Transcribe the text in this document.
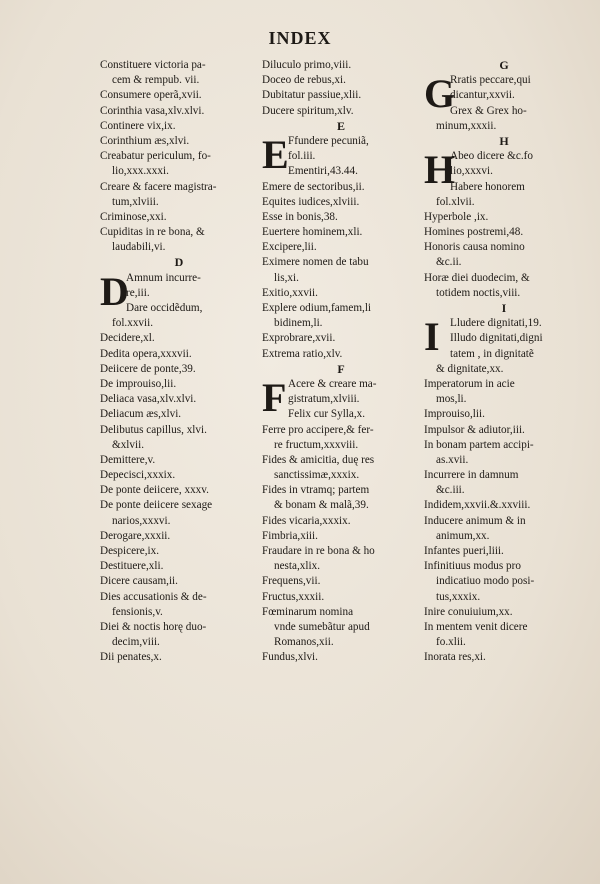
INDEX
Constituere victoria pa-
cem & rempub. vii.
Consumere operã,xvii.
Corinthia vasa,xlv.xlvi.
Continere vix,ix.
Corinthium æs,xlvi.
Creabatur periculum, fo-
lio,xxx.xxxi.
Creare & facere magistra-
tum,xlviii.
Criminose,xxi.
Cupiditas in re bona, &
laudabili,vi.
D
D
Amnum incurre-
re,iii.
Dare occidẽdum,
fol.xxvii.
Decidere,xl.
Dedita opera,xxxvii.
Deiicere de ponte,39.
De improuiso,lii.
Deliaca vasa,xlv.xlvi.
Deliacum æs,xlvi.
Delibutus capillus, xlvi.
&xlvii.
Demittere,v.
Depecisci,xxxix.
De ponte deiicere, xxxv.
De ponte deiicere sexage
narios,xxxvi.
Derogare,xxxii.
Despicere,ix.
Destituere,xli.
Dicere causam,ii.
Dies accusationis & de-
fensionis,v.
Diei & noctis horę duo-
decim,viii.
Dii penates,x.
Diluculo primo,viii.
Doceo de rebus,xi.
Dubitatur passiue,xlii.
Ducere spiritum,xlv.
E
E Ffundere pecuniã,
fol.iii.
Ementiri,43.44.
Emere de sectoribus,ii.
Equites iudices,xlviii.
Esse in bonis,38.
Euertere hominem,xli.
Excipere,lii.
Eximere nomen de tabu
lis,xi.
Exitio,xxvii.
Explere odium,famem,li
bidinem,li.
Exprobrare,xvii.
Extrema ratio,xlv.
F
F Acere & creare ma-
gistratum,xlviii.
Felix cur Sylla,x.
Ferre pro accipere,& fer-
re fructum,xxxviii.
Fides & amicitia, duę res
sanctissimæ,xxxix.
Fides in vtramq; partem
& bonam & malã,39.
Fides vicaria,xxxix.
Fimbria,xiii.
Fraudare in re bona & ho
nesta,xlix.
Frequens,vii.
Fructus,xxxii.
Fœminarum nomina
vnde sumebãtur apud
Romanos,xii.
Fundus,xlvi.
G
G
Rratis peccare,qui
dicantur,xxvii.
Grex & Grex ho-
minum,xxxii.
H
H
Abeo dicere &c.fo
lio,xxxvi.
Habere honorem
fol.xlvii.
Hyperbole ,ix.
Homines postremi,48.
Honoris causa nomino
&c.ii.
Horæ diei duodecim, &
totidem noctis,viii.
I
I Lludere dignitati,19.
Illudo dignitati,digni
tatem , in dignitatẽ
& dignitate,xx.
Imperatorum in acie
mos,li.
Improuiso,lii.
Impulsor & adiutor,iii.
In bonam partem accipi-
as.xvii.
Incurrere in damnum
&c.iii.
Indidem,xxvii.&.xxviii.
Inducere animum & in
animum,xx.
Infantes pueri,liii.
Infinitiuus modus pro
indicatiuo modo posi-
tus,xxxix.
Inire conuiuium,xx.
In mentem venit dicere
fo.xlii.
Inorata res,xi.
